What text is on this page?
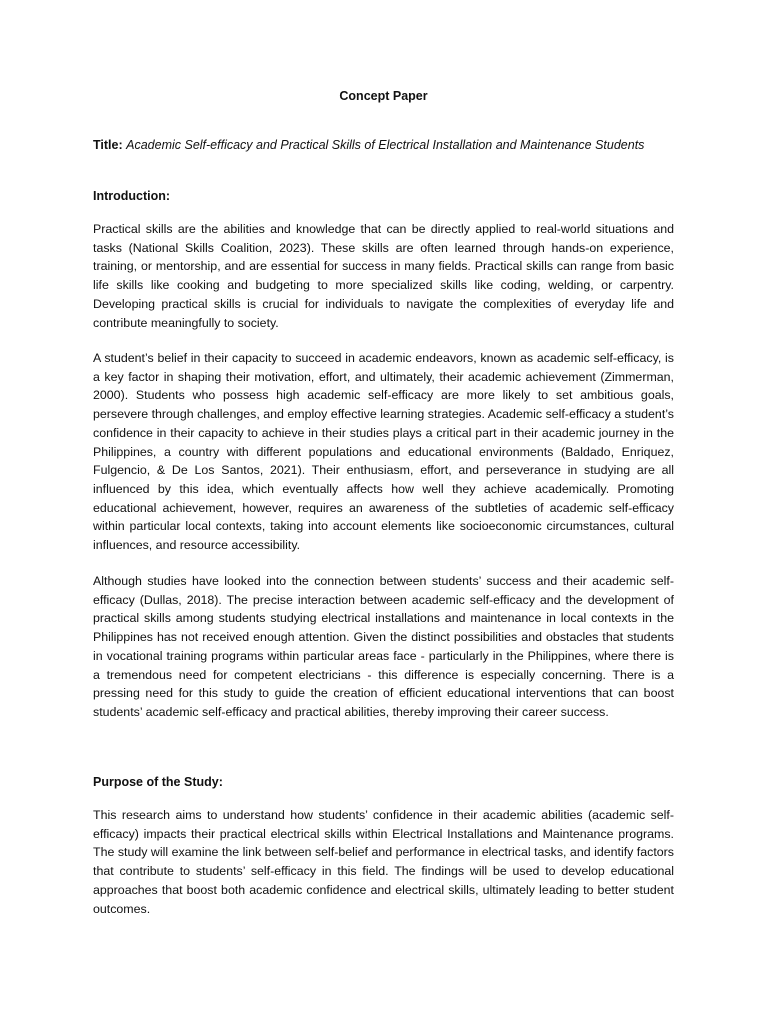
Concept Paper
Title: Academic Self-efficacy and Practical Skills of Electrical Installation and Maintenance Students
Introduction:

Practical skills are the abilities and knowledge that can be directly applied to real-world situations and tasks (National Skills Coalition, 2023). These skills are often learned through hands-on experience, training, or mentorship, and are essential for success in many fields. Practical skills can range from basic life skills like cooking and budgeting to more specialized skills like coding, welding, or carpentry. Developing practical skills is crucial for individuals to navigate the complexities of everyday life and contribute meaningfully to society.

A student’s belief in their capacity to succeed in academic endeavors, known as academic self-efficacy, is a key factor in shaping their motivation, effort, and ultimately, their academic achievement (Zimmerman, 2000). Students who possess high academic self-efficacy are more likely to set ambitious goals, persevere through challenges, and employ effective learning strategies. Academic self-efficacy a student’s confidence in their capacity to achieve in their studies plays a critical part in their academic journey in the Philippines, a country with different populations and educational environments (Baldado, Enriquez, Fulgencio, & De Los Santos, 2021). Their enthusiasm, effort, and perseverance in studying are all influenced by this idea, which eventually affects how well they achieve academically. Promoting educational achievement, however, requires an awareness of the subtleties of academic self-efficacy within particular local contexts, taking into account elements like socioeconomic circumstances, cultural influences, and resource accessibility.

Although studies have looked into the connection between students’ success and their academic self-efficacy (Dullas, 2018). The precise interaction between academic self-efficacy and the development of practical skills among students studying electrical installations and maintenance in local contexts in the Philippines has not received enough attention. Given the distinct possibilities and obstacles that students in vocational training programs within particular areas face - particularly in the Philippines, where there is a tremendous need for competent electricians - this difference is especially concerning. There is a pressing need for this study to guide the creation of efficient educational interventions that can boost students’ academic self-efficacy and practical abilities, thereby improving their career success.

Purpose of the Study:

This research aims to understand how students’ confidence in their academic abilities (academic self-efficacy) impacts their practical electrical skills within Electrical Installations and Maintenance programs. The study will examine the link between self-belief and performance in electrical tasks, and identify factors that contribute to students’ self-efficacy in this field. The findings will be used to develop educational approaches that boost both academic confidence and electrical skills, ultimately leading to better student outcomes.
